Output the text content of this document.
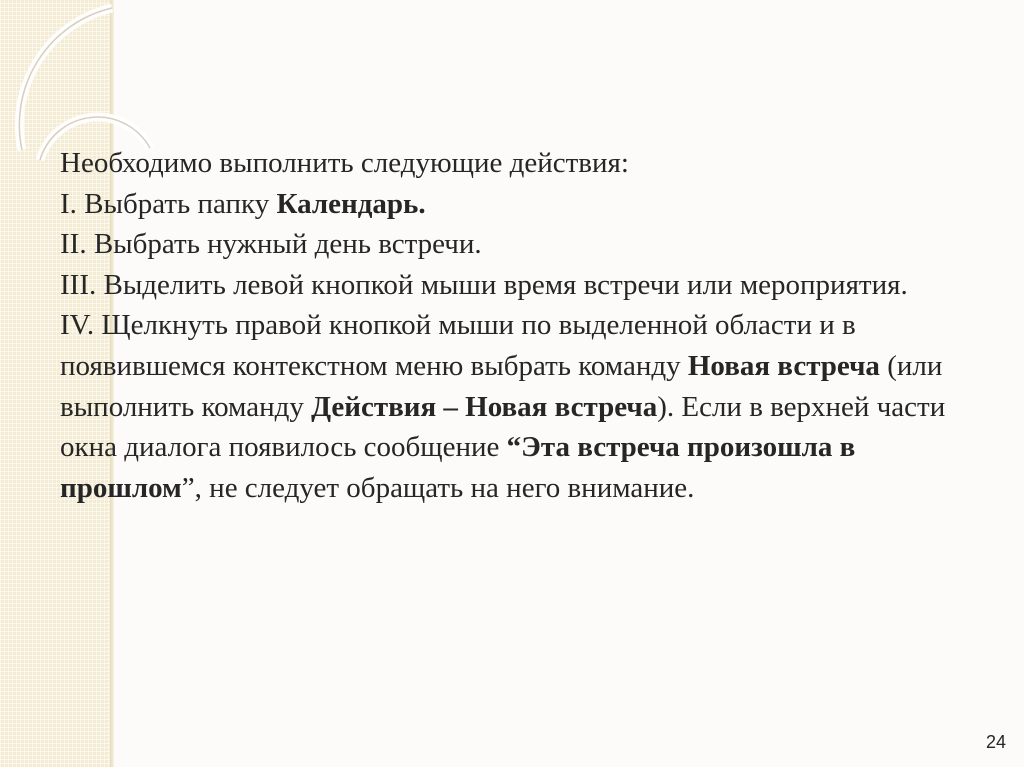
Необходимо выполнить следующие действия:

I. Выбрать папку Календарь.

II. Выбрать нужный день встречи.

III. Выделить левой кнопкой мыши время встречи или мероприятия.

IV. Щелкнуть правой кнопкой мыши по выделенной области и в появившемся контекстном меню выбрать команду Новая встреча (или выполнить команду Действия – Новая встреча). Если в верхней части окна диалога появилось сообщение “Эта встреча произошла в прошлом”, не следует обращать на него внимание.

24
